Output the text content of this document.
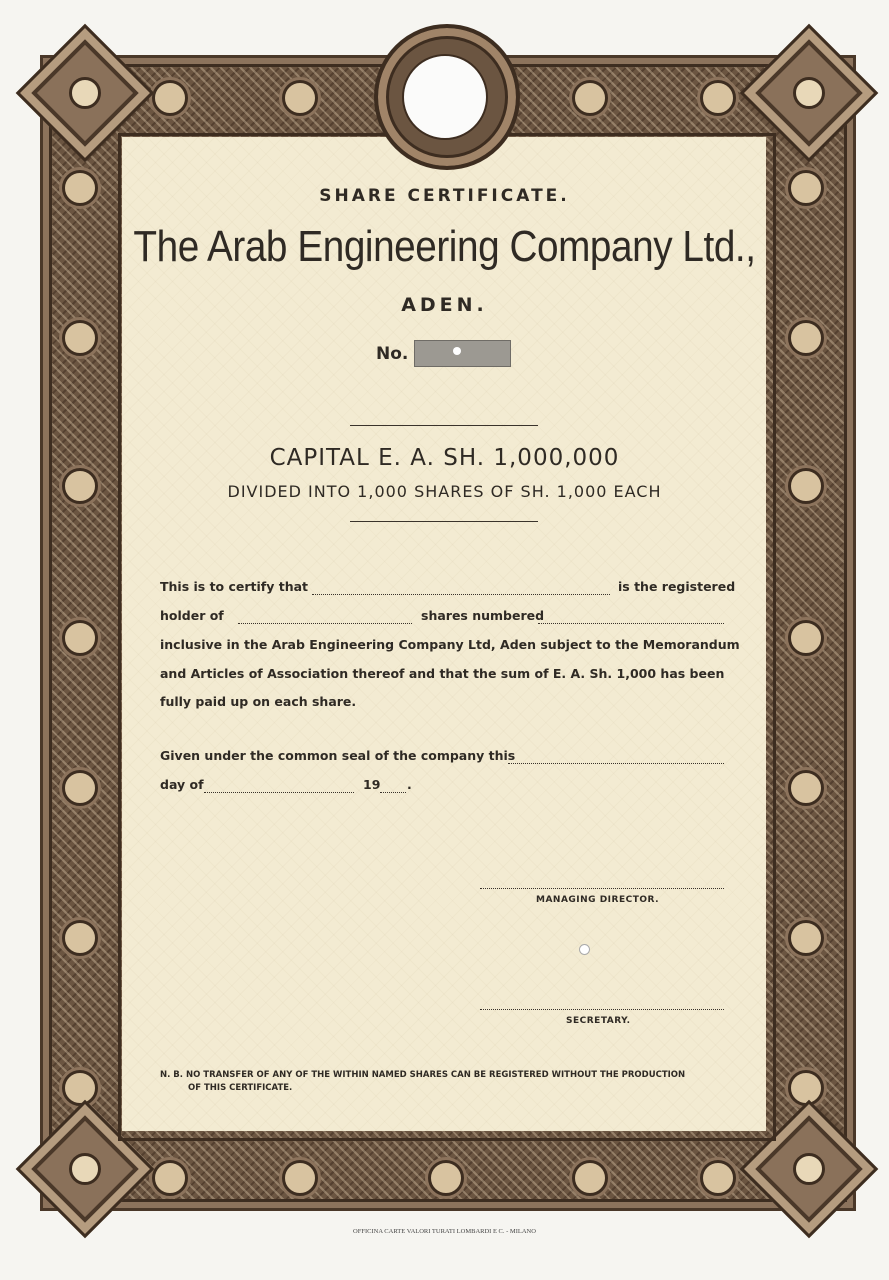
SHARE CERTIFICATE.

The Arab Engineering Company Ltd.,

ADEN.

No.

CAPITAL E. A. SH. 1,000,000

DIVIDED INTO 1,000 SHARES OF SH. 1,000 EACH

This is to certify that	is the registered

holder of	shares numbered

inclusive in the Arab Engineering Company Ltd, Aden subject to the Memorandum

and Articles of Association thereof and that the sum of E. A. Sh. 1,000 has been

fully paid up on each share.

Given under the common seal of the company this

day of	19 .

MANAGING DIRECTOR.

SECRETARY.

N. B. NO TRANSFER OF ANY OF THE WITHIN NAMED SHARES CAN BE REGISTERED WITHOUT THE PRODUCTION

OF THIS CERTIFICATE.

OFFICINA CARTE VALORI TURATI LOMBARDI E C. - MILANO
